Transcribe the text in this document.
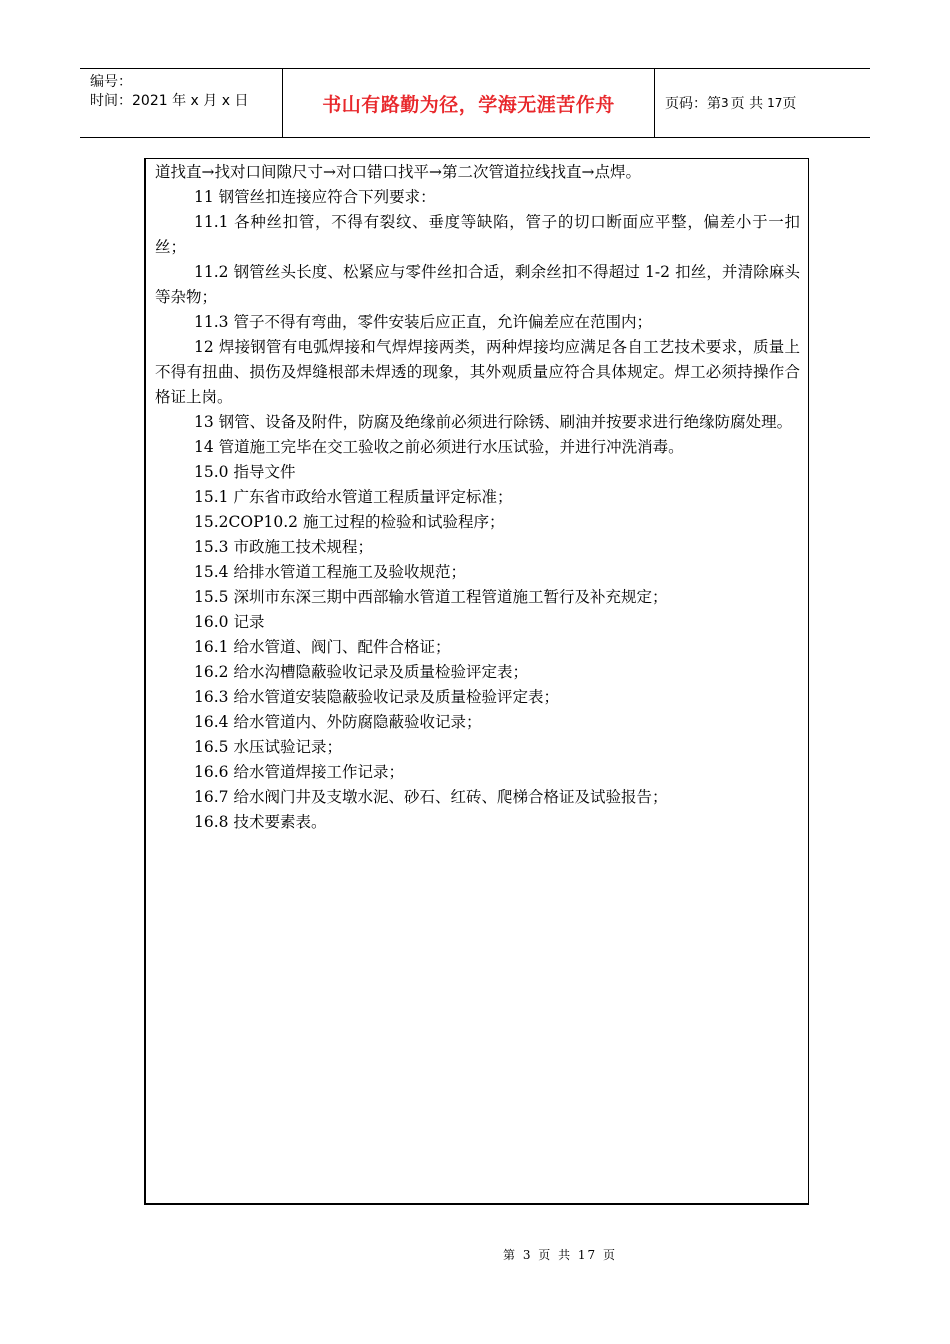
编号：
时间：2021 年 x 月 x 日	书山有路勤为径，学海无涯苦作舟	页码：第 3 页 共 17 页

道找直→找对口间隙尺寸→对口错口找平→第二次管道拉线找直→点焊。

11 钢管丝扣连接应符合下列要求：

11.1 各种丝扣管，不得有裂纹、垂度等缺陷，管子的切口断面应平整，偏差小于一扣丝；

11.2 钢管丝头长度、松紧应与零件丝扣合适，剩余丝扣不得超过 1-2 扣丝，并清除麻头等杂物；

11.3 管子不得有弯曲，零件安装后应正直，允许偏差应在范围内；

12 焊接钢管有电弧焊接和气焊焊接两类，两种焊接均应满足各自工艺技术要求，质量上不得有扭曲、损伤及焊缝根部未焊透的现象，其外观质量应符合具体规定。焊工必须持操作合格证上岗。

13 钢管、设备及附件，防腐及绝缘前必须进行除锈、刷油并按要求进行绝缘防腐处理。

14 管道施工完毕在交工验收之前必须进行水压试验，并进行冲洗消毒。

15.0 指导文件

15.1 广东省市政给水管道工程质量评定标准；

15.2COP10.2 施工过程的检验和试验程序；

15.3 市政施工技术规程；

15.4 给排水管道工程施工及验收规范；

15.5 深圳市东深三期中西部输水管道工程管道施工暂行及补充规定；

16.0 记录

16.1 给水管道、阀门、配件合格证；

16.2 给水沟槽隐蔽验收记录及质量检验评定表；

16.3 给水管道安装隐蔽验收记录及质量检验评定表；

16.4 给水管道内、外防腐隐蔽验收记录；

16.5 水压试验记录；

16.6 给水管道焊接工作记录；

16.7 给水阀门井及支墩水泥、砂石、红砖、爬梯合格证及试验报告；

16.8 技术要素表。

第 3 页 共 17 页
